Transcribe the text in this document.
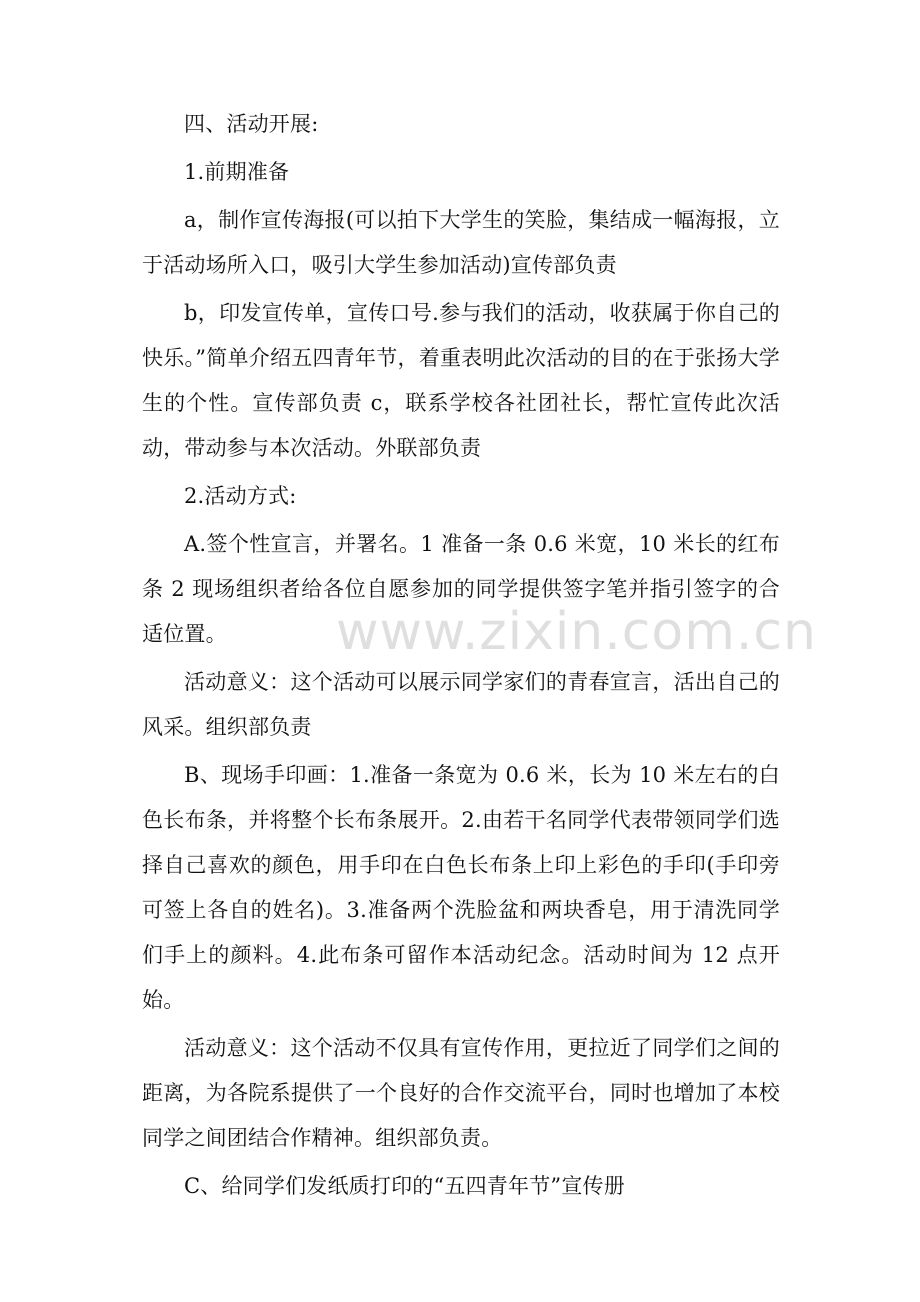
四、活动开展:

1.前期准备

a，制作宣传海报(可以拍下大学生的笑脸，集结成一幅海报，立于活动场所入口，吸引大学生参加活动)宣传部负责

b，印发宣传单，宣传口号.参与我们的活动，收获属于你自己的快乐。”简单介绍五四青年节，着重表明此次活动的目的在于张扬大学生的个性。宣传部负责 c，联系学校各社团社长，帮忙宣传此次活动，带动参与本次活动。外联部负责

2.活动方式:

A.签个性宣言，并署名。1 准备一条 0.6 米宽，10 米长的红布条 2 现场组织者给各位自愿参加的同学提供签字笔并指引签字的合适位置。

活动意义：这个活动可以展示同学家们的青春宣言，活出自己的风采。组织部负责

B、现场手印画：1.准备一条宽为 0.6 米，长为 10 米左右的白色长布条，并将整个长布条展开。2.由若干名同学代表带领同学们选择自己喜欢的颜色，用手印在白色长布条上印上彩色的手印(手印旁可签上各自的姓名)。3.准备两个洗脸盆和两块香皂，用于清洗同学们手上的颜料。4.此布条可留作本活动纪念。活动时间为 12 点开始。

活动意义：这个活动不仅具有宣传作用，更拉近了同学们之间的距离，为各院系提供了一个良好的合作交流平台，同时也增加了本校同学之间团结合作精神。组织部负责。

C、给同学们发纸质打印的“五四青年节”宣传册

www.zixin.com.cn
